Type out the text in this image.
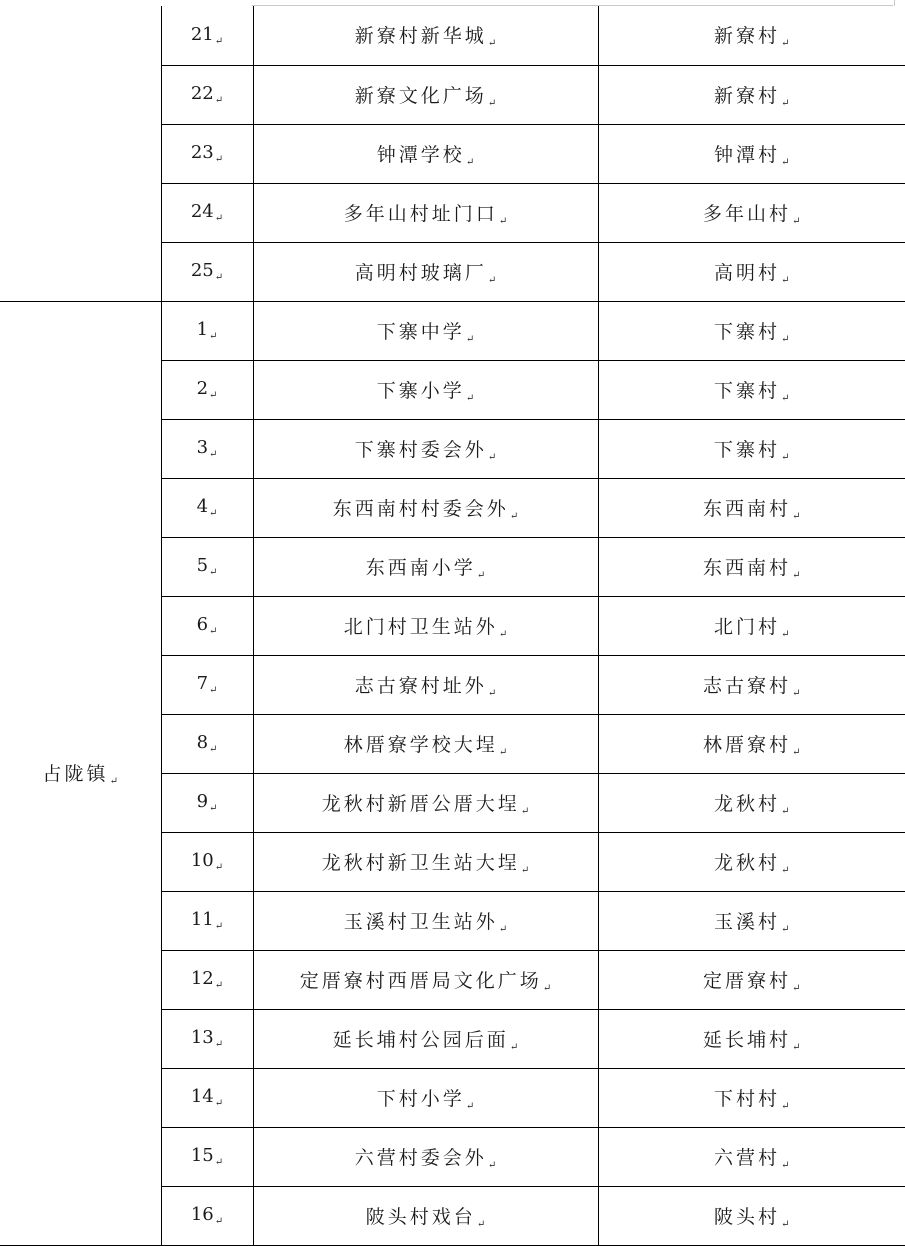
	$21_↵$	新寮村新华城$_↵$	新寮村$_↵$
	$22_↵$	新寮文化广场$_↵$	新寮村$_↵$
	$23_↵$	钟潭学校$_↵$	钟潭村$_↵$
	$24_↵$	多年山村址门口$_↵$	多年山村$_↵$
	$25_↵$	高明村玻璃厂$_↵$	高明村$_↵$
占陇镇$_↵$	$1_↵$	下寨中学$_↵$	下寨村$_↵$
	$2_↵$	下寨小学$_↵$	下寨村$_↵$
	$3_↵$	下寨村委会外$_↵$	下寨村$_↵$
	$4_↵$	东西南村村委会外$_↵$	东西南村$_↵$
	$5_↵$	东西南小学$_↵$	东西南村$_↵$
	$6_↵$	北门村卫生站外$_↵$	北门村$_↵$
	$7_↵$	志古寮村址外$_↵$	志古寮村$_↵$
	$8_↵$	林厝寮学校大埕$_↵$	林厝寮村$_↵$
	$9_↵$	龙秋村新厝公厝大埕$_↵$	龙秋村$_↵$
	$10_↵$	龙秋村新卫生站大埕$_↵$	龙秋村$_↵$
	$11_↵$	玉溪村卫生站外$_↵$	玉溪村$_↵$
	$12_↵$	定厝寮村西厝局文化广场$_↵$	定厝寮村$_↵$
	$13_↵$	延长埔村公园后面$_↵$	延长埔村$_↵$
	$14_↵$	下村小学$_↵$	下村村$_↵$
	$15_↵$	六营村委会外$_↵$	六营村$_↵$
	$16_↵$	陂头村戏台$_↵$	陂头村$_↵$
